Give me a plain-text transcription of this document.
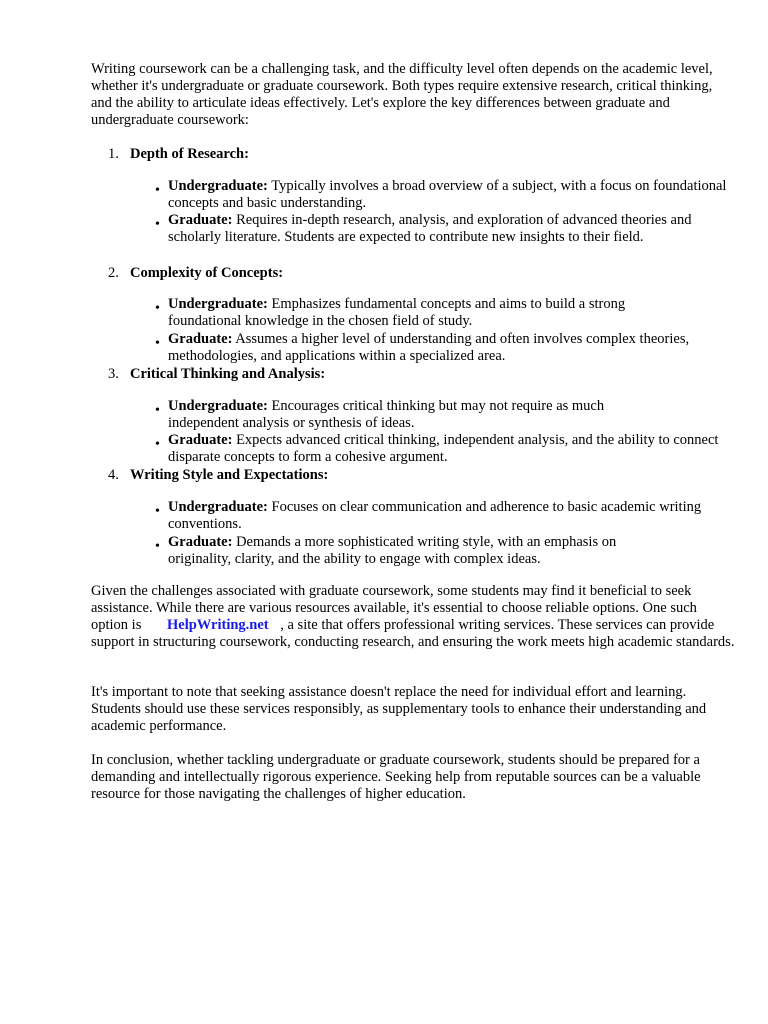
Writing coursework can be a challenging task, and the difficulty level often depends on the academic level, whether it's undergraduate or graduate coursework. Both types require extensive research, critical thinking, and the ability to articulate ideas effectively. Let's explore the key differences between graduate and undergraduate coursework:

1. Depth of Research:
• Undergraduate: Typically involves a broad overview of a subject, with a focus on foundational concepts and basic understanding.

• Graduate: Requires in-depth research, analysis, and exploration of advanced theories and scholarly literature. Students are expected to contribute new insights to their field.

2. Complexity of Concepts:
• Undergraduate: Emphasizes fundamental concepts and aims to build a strong foundational knowledge in the chosen field of study.

• Graduate: Assumes a higher level of understanding and often involves complex theories, methodologies, and applications within a specialized area.

3. Critical Thinking and Analysis:
• Undergraduate: Encourages critical thinking but may not require as much independent analysis or synthesis of ideas.

• Graduate: Expects advanced critical thinking, independent analysis, and the ability to connect disparate concepts to form a cohesive argument.

4. Writing Style and Expectations:
• Undergraduate: Focuses on clear communication and adherence to basic academic writing conventions.

• Graduate: Demands a more sophisticated writing style, with an emphasis on originality, clarity, and the ability to engage with complex ideas.

Given the challenges associated with graduate coursework, some students may find it beneficial to seek assistance. While there are various resources available, it's essential to choose reliable options. One such option is HelpWriting.net , a site that offers professional writing services. These services can provide support in structuring coursework, conducting research, and ensuring the work meets high academic standards.

It's important to note that seeking assistance doesn't replace the need for individual effort and learning. Students should use these services responsibly, as supplementary tools to enhance their understanding and academic performance.

In conclusion, whether tackling undergraduate or graduate coursework, students should be prepared for a demanding and intellectually rigorous experience. Seeking help from reputable sources can be a valuable resource for those navigating the challenges of higher education.
